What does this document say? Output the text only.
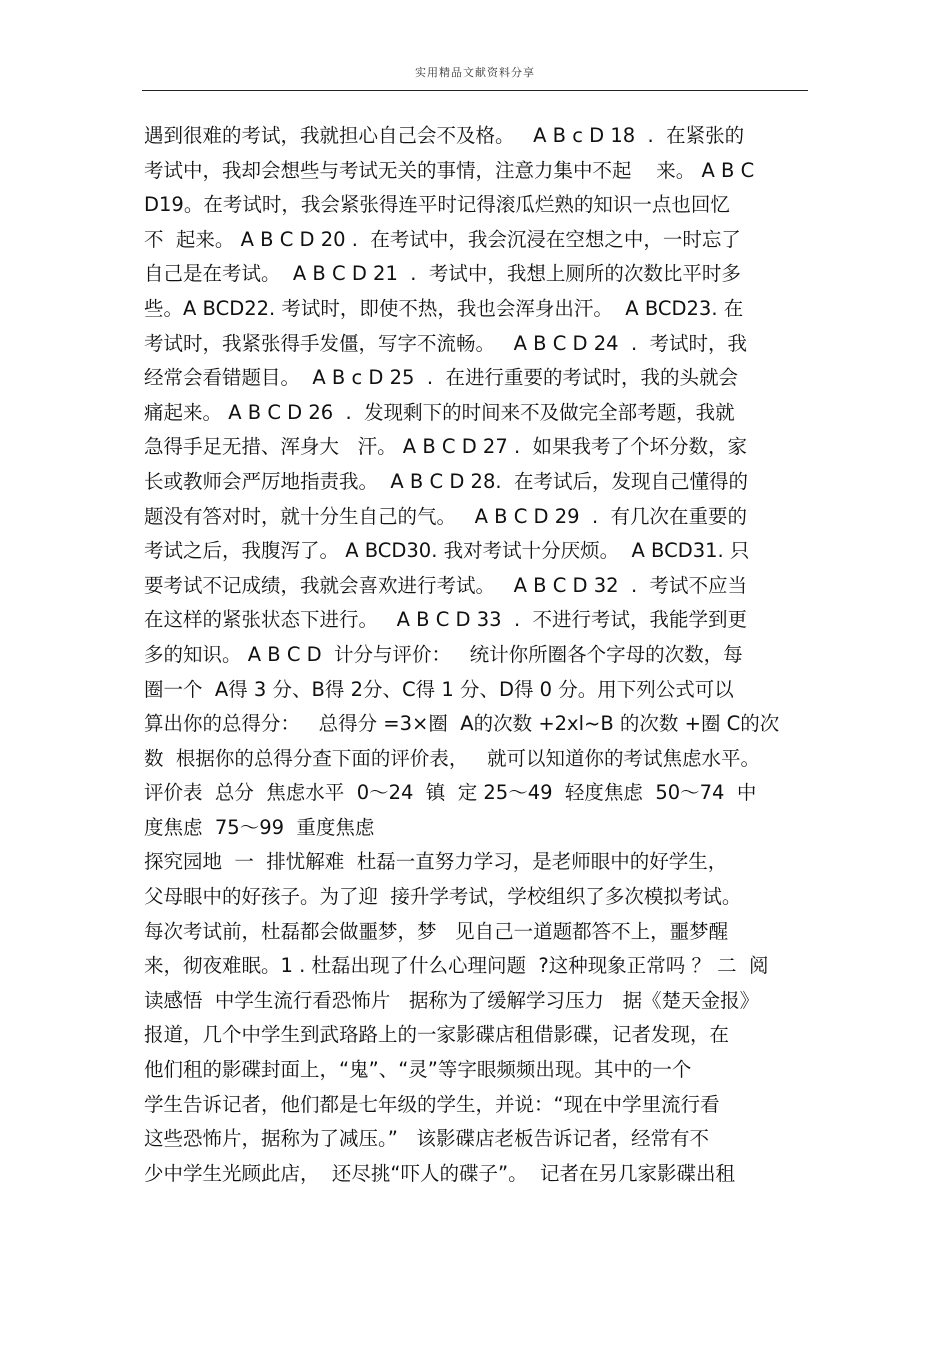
实用精品文献资料分享
遇到很难的考试，我就担心自己会不及格。   A B c D 18  .  在紧张的
考试中，我却会想些与考试无关的事情，注意力集中不起    来。 A B C
D19。在考试时，我会紧张得连平时记得滚瓜烂熟的知识一点也回忆
不  起来。 A B C D 20 .  在考试中，我会沉浸在空想之中，一时忘了
自己是在考试。  A B C D 21  .  考试中，我想上厕所的次数比平时多
些。A BCD22. 考试时，即使不热，我也会浑身出汗。  A BCD23. 在
考试时，我紧张得手发僵，写字不流畅。   A B C D 24  .  考试时，我
经常会看错题目。  A B c D 25  .  在进行重要的考试时，我的头就会
痛起来。 A B C D 26  .  发现剩下的时间来不及做完全部考题，我就
急得手足无措、浑身大   汗。 A B C D 27 .  如果我考了个坏分数，家
长或教师会严厉地指责我。  A B C D 28.  在考试后，发现自己懂得的
题没有答对时，就十分生自己的气。   A B C D 29  .  有几次在重要的
考试之后，我腹泻了。 A BCD30. 我对考试十分厌烦。  A BCD31. 只
要考试不记成绩，我就会喜欢进行考试。   A B C D 32  .  考试不应当
在这样的紧张状态下进行。   A B C D 33  .  不进行考试，我能学到更
多的知识。 A B C D  计分与评价：   统计你所圈各个字母的次数，每
圈一个  A得 3 分、B得 2分、C得 1 分、D得 0 分。用下列公式可以
算出你的总得分：   总得分 =3×圈  A的次数 +2xl~B 的次数 +圈 C的次
数  根据你的总得分查下面的评价表，   就可以知道你的考试焦虑水平。
评价表  总分  焦虑水平  0～24  镇  定 25～49  轻度焦虑  50～74  中
度焦虑  75～99  重度焦虑
探究园地  一  排忧解难  杜磊一直努力学习，是老师眼中的好学生，
父母眼中的好孩子。为了迎  接升学考试，学校组织了多次模拟考试。
每次考试前，杜磊都会做噩梦，梦   见自己一道题都答不上，噩梦醒
来，彻夜难眠。1 . 杜磊出现了什么心理问题  ?这种现象正常吗 ？ 二  阅
读感悟  中学生流行看恐怖片   据称为了缓解学习压力   据《楚天金报》
报道，几个中学生到武珞路上的一家影碟店租借影碟，记者发现，在
他们租的影碟封面上，“鬼”、“灵”等字眼频频出现。其中的一个
学生告诉记者，他们都是七年级的学生，并说：“现在中学里流行看
这些恐怖片，据称为了减压。”   该影碟店老板告诉记者，经常有不
少中学生光顾此店，  还尽挑“吓人的碟子”。  记者在另几家影碟出租
